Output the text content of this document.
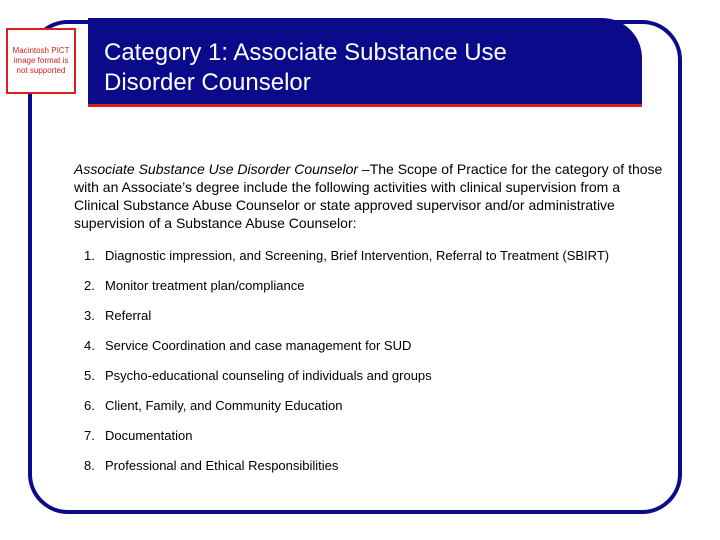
Macintosh PICT image format is not supported
Category 1: Associate Substance Use
Disorder Counselor
Associate Substance Use Disorder Counselor –The Scope of Practice for the category of those with an Associate’s degree include the following activities with clinical supervision from a Clinical Substance Abuse Counselor or state approved supervisor and/or administrative supervision of a Substance Abuse Counselor:
1. Diagnostic impression, and Screening, Brief Intervention, Referral to Treatment (SBIRT)
2. Monitor treatment plan/compliance
3. Referral
4. Service Coordination and case management for SUD
5. Psycho-educational counseling of individuals and groups
6. Client, Family, and Community Education
7. Documentation
8. Professional and Ethical Responsibilities
